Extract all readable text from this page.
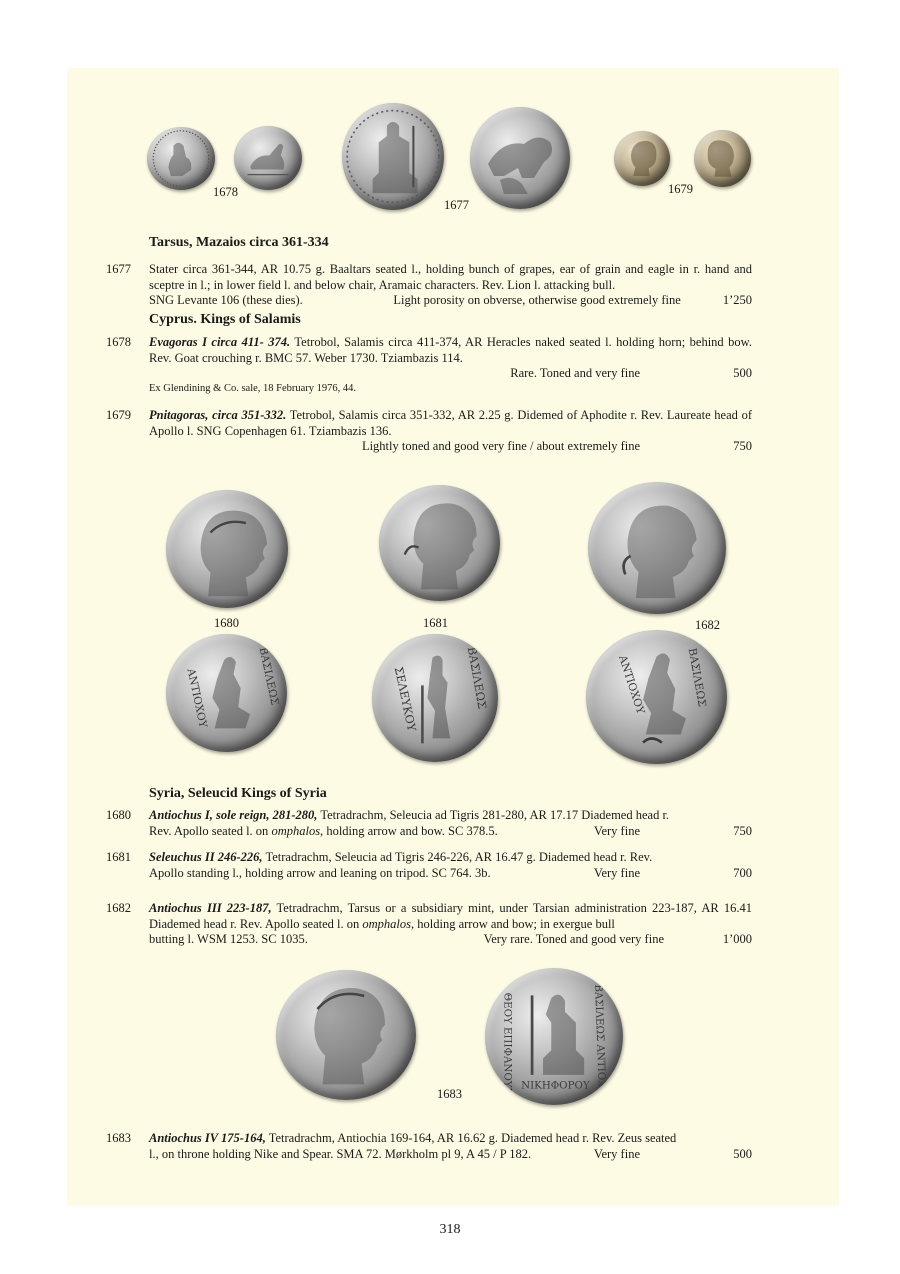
1678
1677
1679
Tarsus, Mazaios circa 361-334
1677 Stater circa 361-344, AR 10.75 g. Baaltars seated l., holding bunch of grapes, ear of grain and eagle in r. hand and sceptre in l.; in lower field l. and below chair, Aramaic characters. Rev. Lion l. attacking bull.

SNG Levante 106 (these dies).	Light porosity on obverse, otherwise good extremely fine	1’250
Cyprus. Kings of Salamis
1678 Evagoras I circa 411- 374. Tetrobol, Salamis circa 411-374, AR Heracles naked seated l. holding horn; behind bow. Rev. Goat crouching r. BMC 57. Weber 1730. Tziambazis 114.

Rare. Toned and very fine	500

Ex Glendining & Co. sale, 18 February 1976, 44.

1679 Pnitagoras, circa 351-332. Tetrobol, Salamis circa 351-332, AR 2.25 g. Didemed of Aphodite r. Rev. Laureate head of Apollo l. SNG Copenhagen 61. Tziambazis 136.

Lightly toned and good very fine / about extremely fine	750
1680	1681	1682
ΑΝΤΙΟΧΟΥ	ΒΑΣΙΛΕΩΣ	ΣΕΛΕΥΚΟΥ	ΒΑΣΙΛΕΩΣ	ΑΝΤΙΟΧΟΥ	ΒΑΣΙΛΕΩΣ
Syria, Seleucid Kings of Syria
1680 Antiochus I, sole reign, 281-280, Tetradrachm, Seleucia ad Tigris 281-280, AR 17.17 Diademed head r.

Rev. Apollo seated l. on omphalos, holding arrow and bow. SC 378.5.	Very fine	750
1681 Seleuchus II 246-226, Tetradrachm, Seleucia ad Tigris 246-226, AR 16.47 g. Diademed head r. Rev.

Apollo standing l., holding arrow and leaning on tripod. SC 764. 3b.	Very fine	700
1682 Antiochus III 223-187, Tetradrachm, Tarsus or a subsidiary mint, under Tarsian administration 223-187, AR 16.41 Diademed head r. Rev. Apollo seated l. on omphalos, holding arrow and bow; in exergue bull

butting l. WSM 1253. SC 1035.	Very rare. Toned and good very fine	1’000
ΒΑΣΙΛΕΩΣ ΑΝΤΙΟΧΟΥ
ΘΕΟΥ ΕΠΙΦΑΝΟΥΣ ΝΙΚΗΦΟΡΟΥ
1683
1683 Antiochus IV 175-164, Tetradrachm, Antiochia 169-164, AR 16.62 g. Diademed head r. Rev. Zeus seated

l., on throne holding Nike and Spear. SMA 72. Mørkholm pl 9, A 45 / P 182.	Very fine	500
318
